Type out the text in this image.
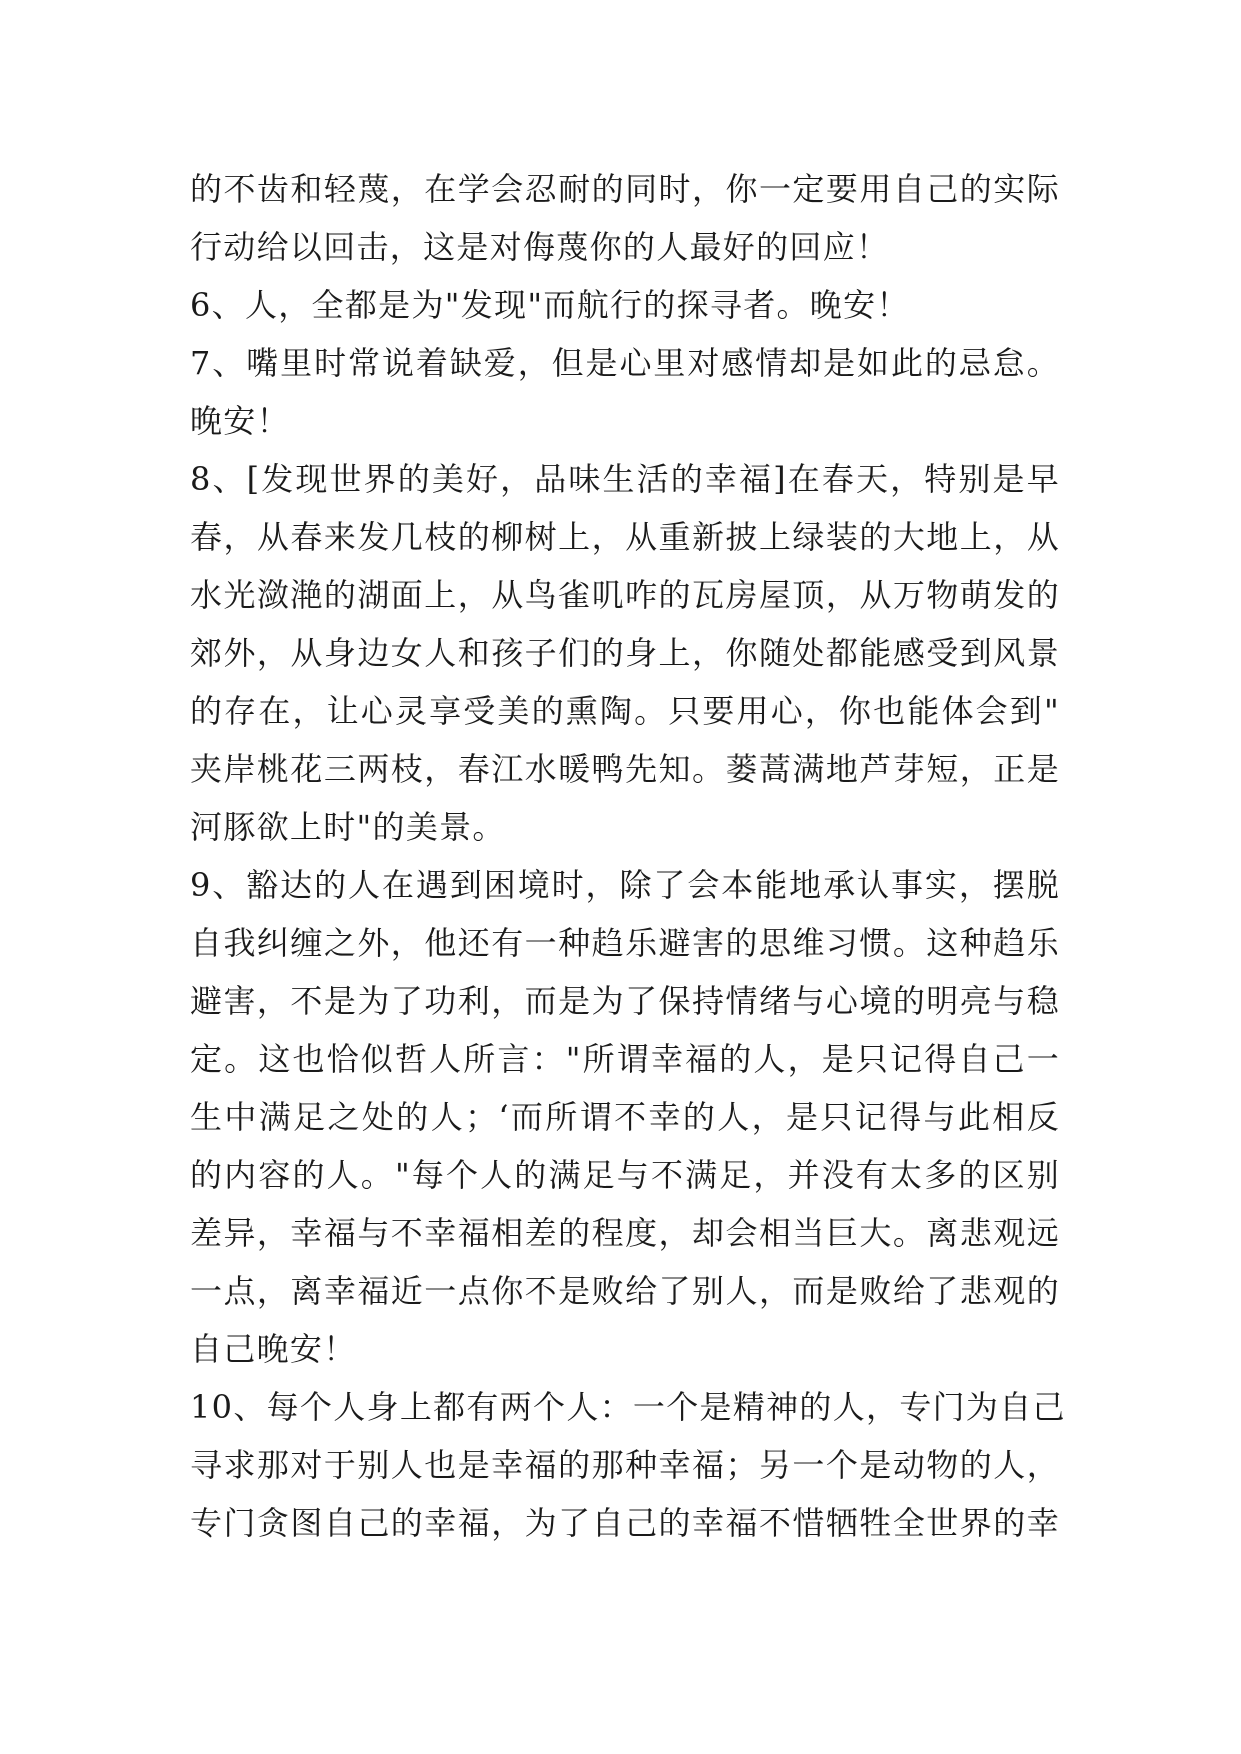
的不齿和轻蔑，在学会忍耐的同时，你一定要用自己的实际
行动给以回击，这是对侮蔑你的人最好的回应！
6、人，全都是为"发现"而航行的探寻者。晚安！
7、嘴里时常说着缺爱，但是心里对感情却是如此的忌怠。
晚安！
8、[发现世界的美好，品味生活的幸福]在春天，特别是早
春，从春来发几枝的柳树上，从重新披上绿装的大地上，从
水光潋滟的湖面上，从鸟雀叽咋的瓦房屋顶，从万物萌发的
郊外，从身边女人和孩子们的身上，你随处都能感受到风景
的存在，让心灵享受美的熏陶。只要用心，你也能体会到"
夹岸桃花三两枝，春江水暖鸭先知。蒌蒿满地芦芽短，正是
河豚欲上时"的美景。
9、豁达的人在遇到困境时，除了会本能地承认事实，摆脱
自我纠缠之外，他还有一种趋乐避害的思维习惯。这种趋乐
避害，不是为了功利，而是为了保持情绪与心境的明亮与稳
定。这也恰似哲人所言："所谓幸福的人，是只记得自己一
生中满足之处的人；‘而所谓不幸的人，是只记得与此相反
的内容的人。"每个人的满足与不满足，并没有太多的区别
差异，幸福与不幸福相差的程度，却会相当巨大。离悲观远
一点，离幸福近一点你不是败给了别人，而是败给了悲观的
自己晚安！
10、每个人身上都有两个人：一个是精神的人，专门为自己
寻求那对于别人也是幸福的那种幸福；另一个是动物的人，
专门贪图自己的幸福，为了自己的幸福不惜牺牲全世界的幸
